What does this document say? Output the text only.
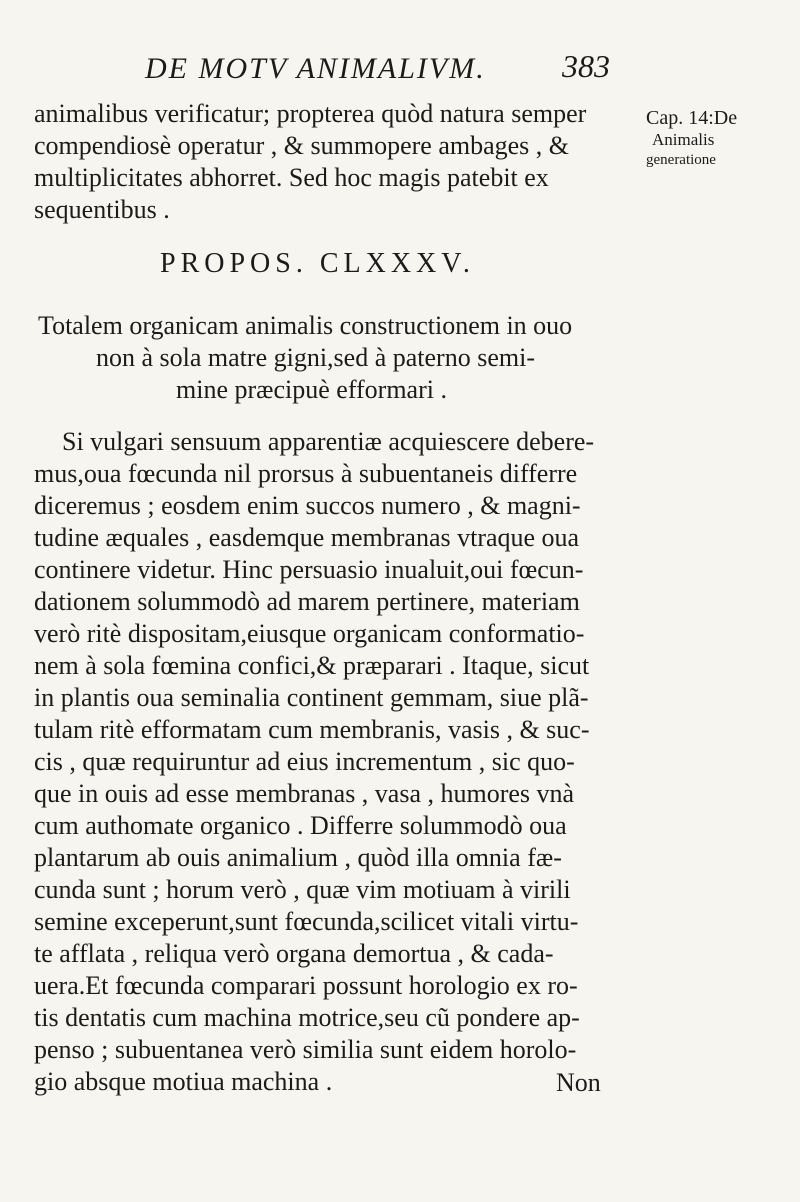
DE MOTV ANIMALIVM. 383
Cap. 14:De
Animalis
generatione
animalibus verificatur; propterea quòd natura semper
compendiosè operatur , & summopere ambages , &
multiplicitates abhorret. Sed hoc magis patebit ex
sequentibus .
PROPOS. CLXXXV.
Totalem organicam animalis constructionem in ouo
non à sola matre gigni,sed à paterno semi-
mine præcipuè efformari .
Si vulgari sensuum apparentiæ acquiescere debere-
mus,oua fœcunda nil prorsus à subuentaneis differre
diceremus ; eosdem enim succos numero , & magni-
tudine æquales , easdemque membranas vtraque oua
continere videtur. Hinc persuasio inualuit,oui fœcun-
dationem solummodò ad marem pertinere, materiam
verò ritè dispositam,eiusque organicam conformatio-
nem à sola fœmina confici,& præparari . Itaque, sicut
in plantis oua seminalia continent gemmam, siue plã-
tulam ritè efformatam cum membranis, vasis , & suc-
cis , quæ requiruntur ad eius incrementum , sic quo-
que in ouis ad esse membranas , vasa , humores vnà
cum authomate organico . Differre solummodò oua
plantarum ab ouis animalium , quòd illa omnia fæ-
cunda sunt ; horum verò , quæ vim motiuam à virili
semine exceperunt,sunt fœcunda,scilicet vitali virtu-
te afflata , reliqua verò organa demortua , & cada-
uera.Et fœcunda comparari possunt horologio ex ro-
tis dentatis cum machina motrice,seu cũ pondere ap-
penso ; subuentanea verò similia sunt eidem horolo-
gio absque motiua machina .	Non
